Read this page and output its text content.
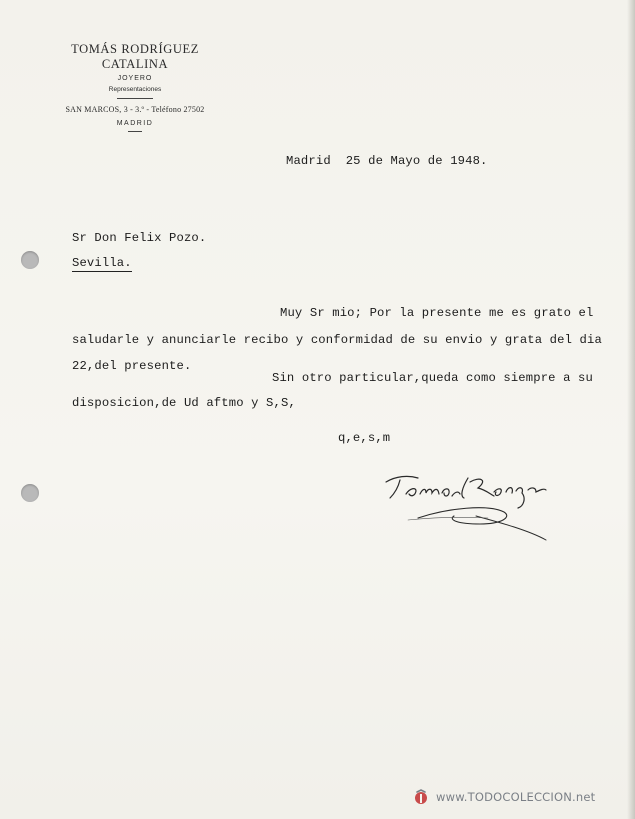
TOMÁS RODRÍGUEZ CATALINA
JOYERO
Representaciones
SAN MARCOS, 3 - 3.º - Teléfono 27502
MADRID
Madrid  25 de Mayo de 1948.
Sr Don Felix Pozo.
Sevilla.
Muy Sr mio; Por la presente me es grato el
saludarle y anunciarle recibo y conformidad de su envio y grata del dia
22,del presente.
Sin otro particular,queda como siempre a su
disposicion,de Ud aftmo y S,S,
q,e,s,m
www.TODOCOLECCION.net
